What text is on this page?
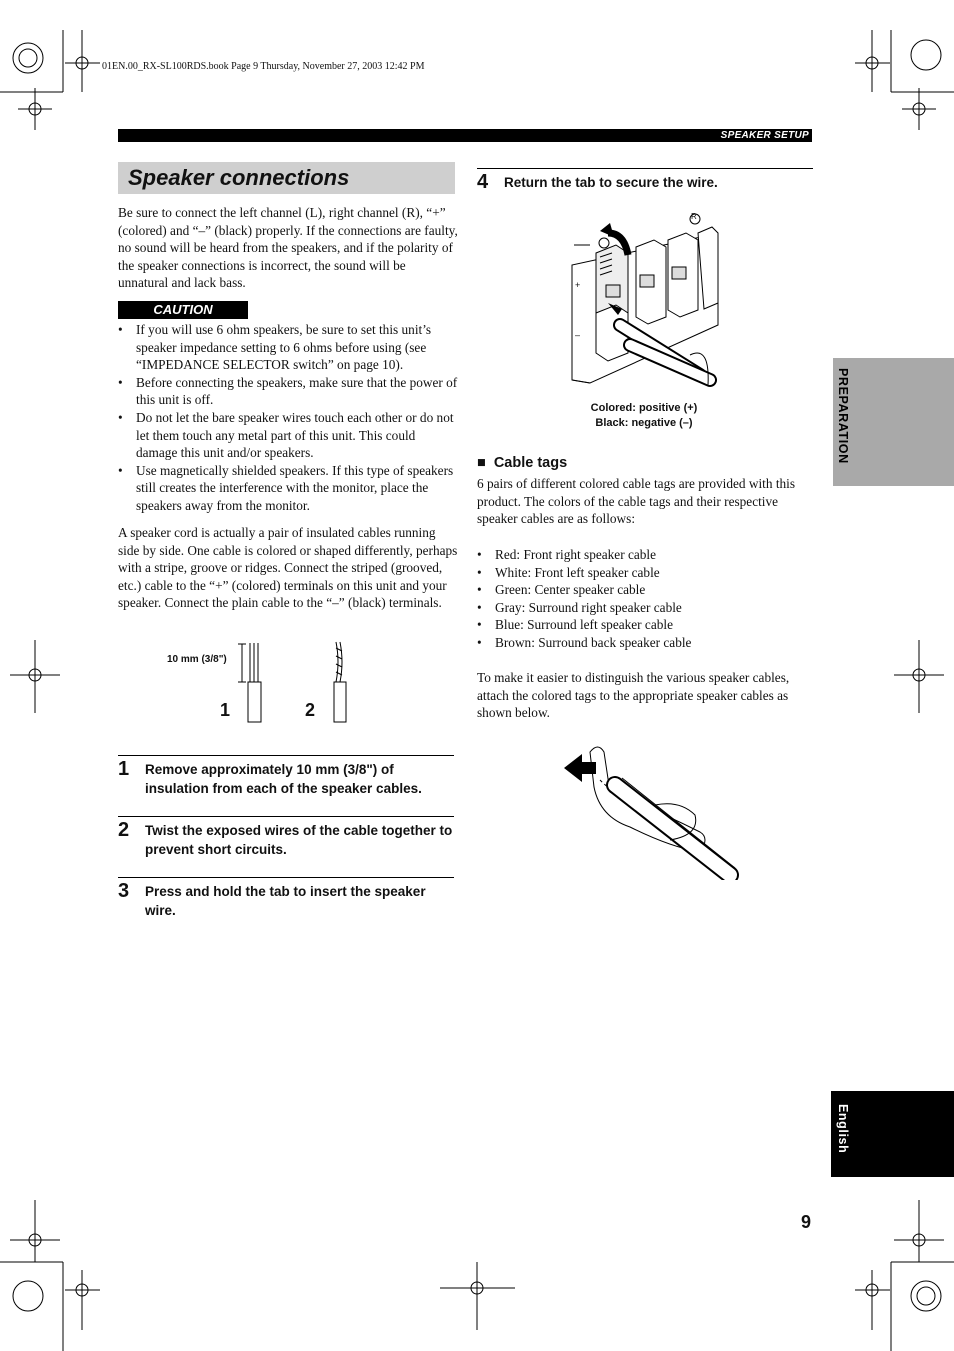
01EN.00_RX-SL100RDS.book Page 9 Thursday, November 27, 2003 12:42 PM
SPEAKER SETUP
Speaker connections
Be sure to connect the left channel (L), right channel (R), “+” (colored) and “–” (black) properly. If the connections are faulty, no sound will be heard from the speakers, and if the polarity of the speaker connections is incorrect, the sound will be unnatural and lack bass.
CAUTION
• If you will use 6 ohm speakers, be sure to set this unit’s speaker impedance setting to 6 ohms before using (see “IMPEDANCE SELECTOR switch” on page 10).
• Before connecting the speakers, make sure that the power of this unit is off.
• Do not let the bare speaker wires touch each other or do not let them touch any metal part of this unit. This could damage this unit and/or speakers.
• Use magnetically shielded speakers. If this type of speakers still creates the interference with the monitor, place the speakers away from the monitor.
A speaker cord is actually a pair of insulated cables running side by side. One cable is colored or shaped differently, perhaps with a stripe, groove or ridges. Connect the striped (grooved, etc.) cable to the “+” (colored) terminals on this unit and your speaker. Connect the plain cable to the “–” (black) terminals.
10 mm (3/8")
1	2
1 Remove approximately 10 mm (3/8") of insulation from each of the speaker cables.
2 Twist the exposed wires of the cable together to prevent short circuits.
3 Press and hold the tab to insert the speaker wire.
4 Return the tab to secure the wire.
R
+
–
Colored: positive (+)
Black: negative (–)
■ Cable tags
6 pairs of different colored cable tags are provided with this product. The colors of the cable tags and their respective speaker cables are as follows:
• Red: Front right speaker cable
• White: Front left speaker cable
• Green: Center speaker cable
• Gray: Surround right speaker cable
• Blue: Surround left speaker cable
• Brown: Surround back speaker cable
To make it easier to distinguish the various speaker cables, attach the colored tags to the appropriate speaker cables as shown below.
PREPARATION
English
9
